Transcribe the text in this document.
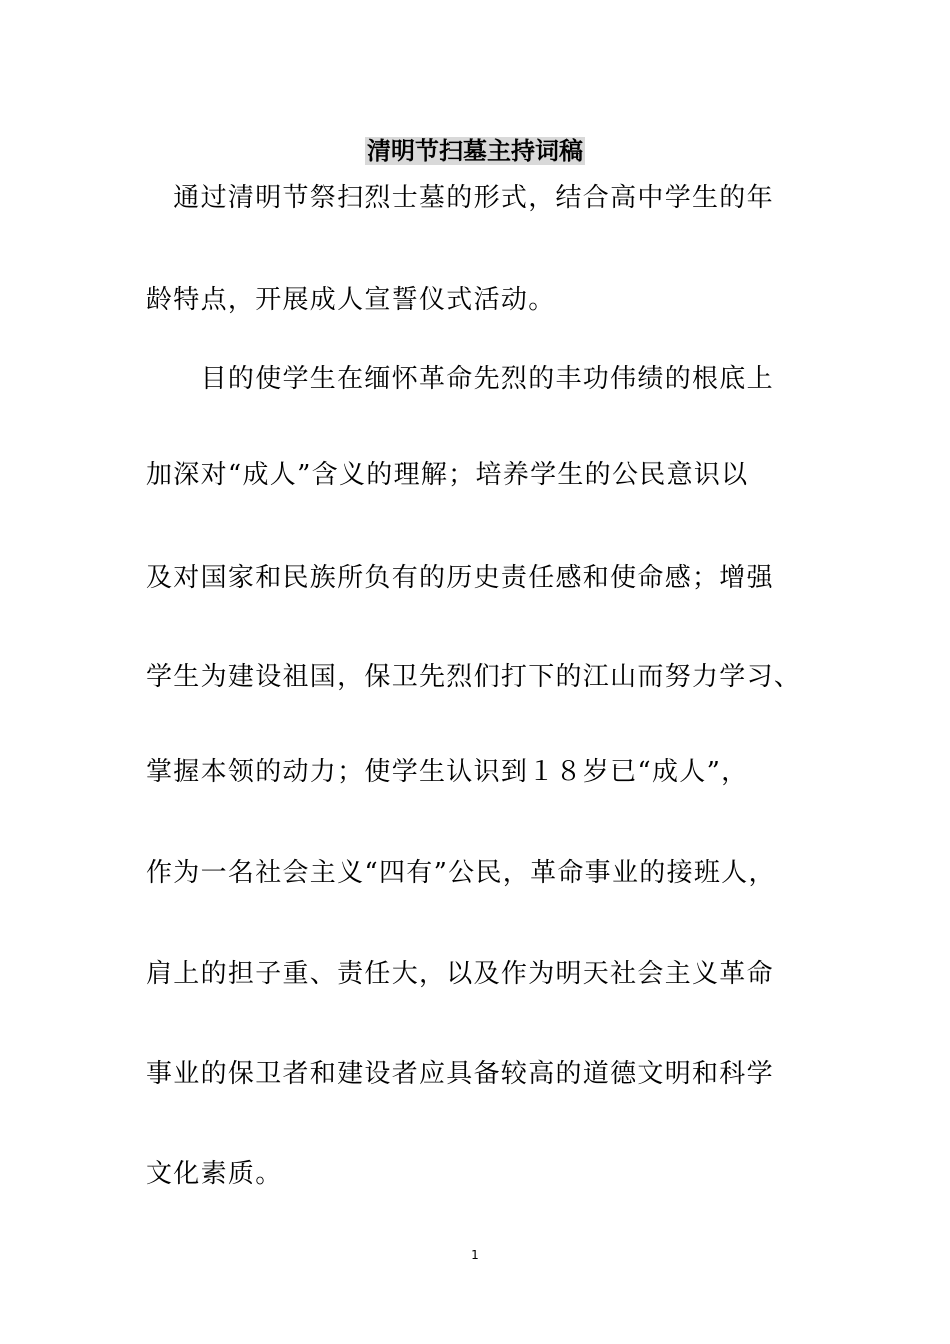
清明节扫墓主持词稿
　通过清明节祭扫烈士墓的形式，结合高中学生的年
龄特点，开展成人宣誓仪式活动。
　　目的使学生在缅怀革命先烈的丰功伟绩的根底上
加深对“成人”含义的理解；培养学生的公民意识以
及对国家和民族所负有的历史责任感和使命感；增强
学生为建设祖国，保卫先烈们打下的江山而努力学习、
掌握本领的动力；使学生认识到１８岁已“成人”，
作为一名社会主义“四有”公民，革命事业的接班人，
肩上的担子重、责任大，以及作为明天社会主义革命
事业的保卫者和建设者应具备较高的道德文明和科学
文化素质。
1
